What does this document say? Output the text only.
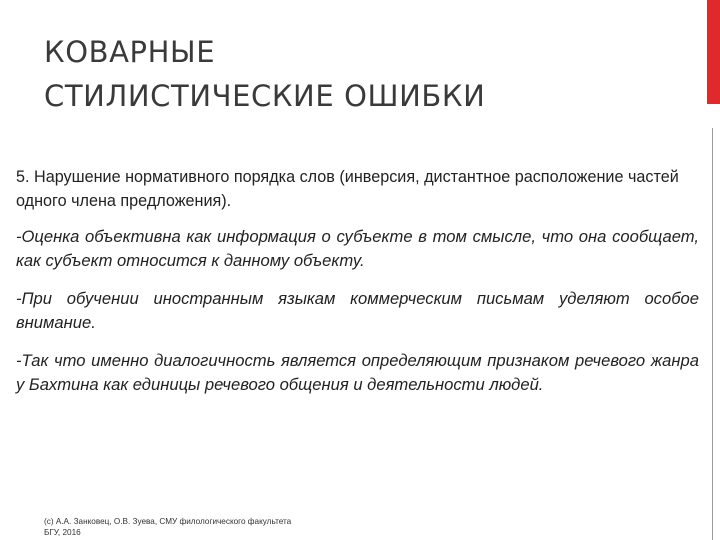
КОВАРНЫЕ
СТИЛИСТИЧЕСКИЕ ОШИБКИ

5. Нарушение нормативного порядка слов (инверсия, дистантное расположение частей одного члена предложения).

-Оценка объективна как информация о субъекте в том смысле, что она сообщает, как субъект относится к данному объекту.

-При обучении иностранным языкам коммерческим письмам уделяют особое внимание.

-Так что именно диалогичность является определяющим признаком речевого жанра у Бахтина как единицы речевого общения и деятельности людей.

(с) А.А. Занковец, О.В. Зуева, СМУ филологического факультета БГУ, 2016
